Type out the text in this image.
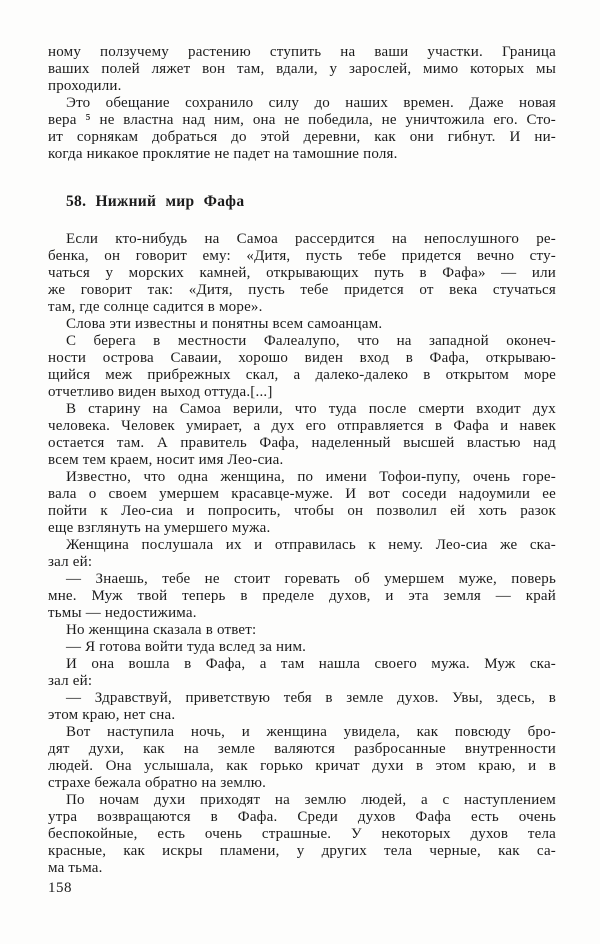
ному ползучему растению ступить на ваши участки. Граница
ваших полей ляжет вон там, вдали, у зарослей, мимо которых мы
проходили.
Это обещание сохранило силу до наших времен. Даже новая
вера ⁵ не властна над ним, она не победила, не уничтожила его. Сто-
ит сорнякам добраться до этой деревни, как они гибнут. И ни-
когда никакое проклятие не падет на тамошние поля.
58. Нижний мир Фафа
Если кто-нибудь на Самоа рассердится на непослушного ре-
бенка, он говорит ему: «Дитя, пусть тебе придется вечно сту-
чаться у морских камней, открывающих путь в Фафа» — или
же говорит так: «Дитя, пусть тебе придется от века стучаться
там, где солнце садится в море».
Слова эти известны и понятны всем самоанцам.
С берега в местности Фалеалупо, что на западной оконеч-
ности острова Саваии, хорошо виден вход в Фафа, открываю-
щийся меж прибрежных скал, а далеко-далеко в открытом море
отчетливо виден выход оттуда.[...]
В старину на Самоа верили, что туда после смерти входит дух
человека. Человек умирает, а дух его отправляется в Фафа и навек
остается там. А правитель Фафа, наделенный высшей властью над
всем тем краем, носит имя Лео-сиа.
Известно, что одна женщина, по имени Тофои-пупу, очень горе-
вала о своем умершем красавце-муже. И вот соседи надоумили ее
пойти к Лео-сиа и попросить, чтобы он позволил ей хоть разок
еще взглянуть на умершего мужа.
Женщина послушала их и отправилась к нему. Лео-сиа же ска-
зал ей:
— Знаешь, тебе не стоит горевать об умершем муже, поверь
мне. Муж твой теперь в пределе духов, и эта земля — край
тьмы — недостижима.
Но женщина сказала в ответ:
— Я готова войти туда вслед за ним.
И она вошла в Фафа, а там нашла своего мужа. Муж ска-
зал ей:
— Здравствуй, приветствую тебя в земле духов. Увы, здесь, в
этом краю, нет сна.
Вот наступила ночь, и женщина увидела, как повсюду бро-
дят духи, как на земле валяются разбросанные внутренности
людей. Она услышала, как горько кричат духи в этом краю, и в
страхе бежала обратно на землю.
По ночам духи приходят на землю людей, а с наступлением
утра возвращаются в Фафа. Среди духов Фафа есть очень
беспокойные, есть очень страшные. У некоторых духов тела
красные, как искры пламени, у других тела черные, как са-
ма тьма.
158
